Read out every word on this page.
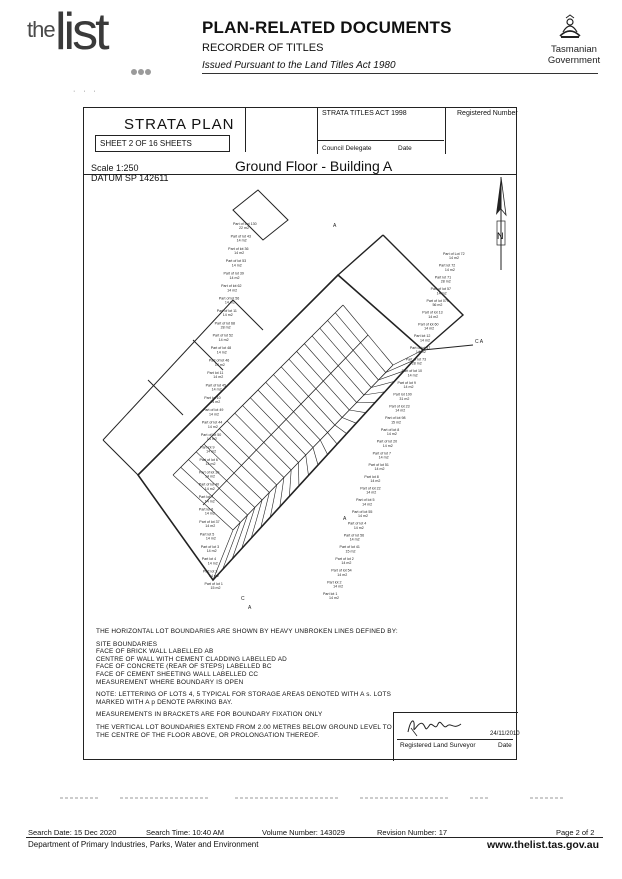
the list	PLAN-RELATED DOCUMENTS
RECORDER OF TITLES
Issued Pursuant to the Land Titles Act 1980
Tasmanian
Government
· · ·
STRATA PLAN
SHEET 2 OF 16 SHEETS
STRATA TITLES ACT 1998
Council Delegate	Date
Registered Number
Scale 1:250
DATUM SP 142611
Ground Floor - Building A
N
Part of Lot 130 22 m2
Part of lot 43 14 m2
Part of lot 36 14 m2
Part of lot 53 14 m2
Part of lot 39 14 m2
Part of lot 62 14 m2
Part of lot 56 14 m2
Part of lot 11 14 m2
Part of lot 68 28 m2
Part of lot 52 14 m2
Part of lot 48 14 m2
Part of lot 46 14 m2
Part lot 11 14 m2
Part of lot 45 14 m2
Part lot 10 14 m2
Part of lot 49 14 m2
Part of lot 44 14 m2
Part of lot 50 14 m2
Part lot 9 14 m2
Part of lot 6 14 m2
Part of lot 39 14 m2
Part of lot 40 14 m2
Part lot 7 14 m2
Part lot 6 14 m2
Part of lot 37 14 m2
Part lot 5 14 m2
Part of lot 3 14 m2
Part lot 4 14 m2
Part lot 3 14 m2
Part of lot 1 15 m2
Part of Lot 72 14 m2
Part lot 72 14 m2
Part lot 71 28 m2
Part of lot 57 14 m2
Part of lot 070 56 m2
Part of lot 13 14 m2
Part of lot 60 14 m2
Part lot 12 14 m2
Part of lot 47 14 m2
Part of lot 73 28 m2
Part of lot 10 14 m2
Part of lot 9 14 m2
Part lot 100 31 m2
Part of lot 23 14 m2
Part of lot 98 15 m2
Part of lot 8 14 m2
Part of lot 20 14 m2
Part of lot 7 14 m2
Part of lot 51 14 m2
Part lot 8 14 m2
Part of lot 22 14 m2
Part of lot 5 14 m2
Part of lot 55 14 m2
Part of lot 4 14 m2
Part of lot 56 14 m2
Part of lot 41 15 m2
Part of lot 2 14 m2
Part of lot 54 14 m2
Part lot 2 14 m2
Part lot 1 14 m2
A
C A
C
A
A

THE HORIZONTAL LOT BOUNDARIES ARE SHOWN BY HEAVY UNBROKEN LINES DEFINED BY:

SITE BOUNDARIES
FACE OF BRICK WALL LABELLED AB
CENTRE OF WALL WITH CEMENT CLADDING LABELLED AD
FACE OF CONCRETE (REAR OF STEPS) LABELLED BC
FACE OF CEMENT SHEETING WALL LABELLED CC
MEASUREMENT WHERE BOUNDARY IS OPEN

NOTE: LETTERING OF LOTS 4, 5 TYPICAL FOR STORAGE AREAS DENOTED WITH A s. LOTS
MARKED WITH A p DENOTE PARKING BAY.

MEASUREMENTS IN BRACKETS ARE FOR BOUNDARY FIXATION ONLY

THE VERTICAL LOT BOUNDARIES EXTEND FROM 2.00 METRES BELOW GROUND LEVEL TO
THE CENTRE OF THE FLOOR ABOVE, OR PROLONGATION THEREOF.	24/11/2010
Registered Land Surveyor	Date
Search Date: 15 Dec 2020	Search Time: 10:40 AM	Volume Number: 143029	Revision Number: 17	Page 2 of 2
Department of Primary Industries, Parks, Water and Environment	www.thelist.tas.gov.au
